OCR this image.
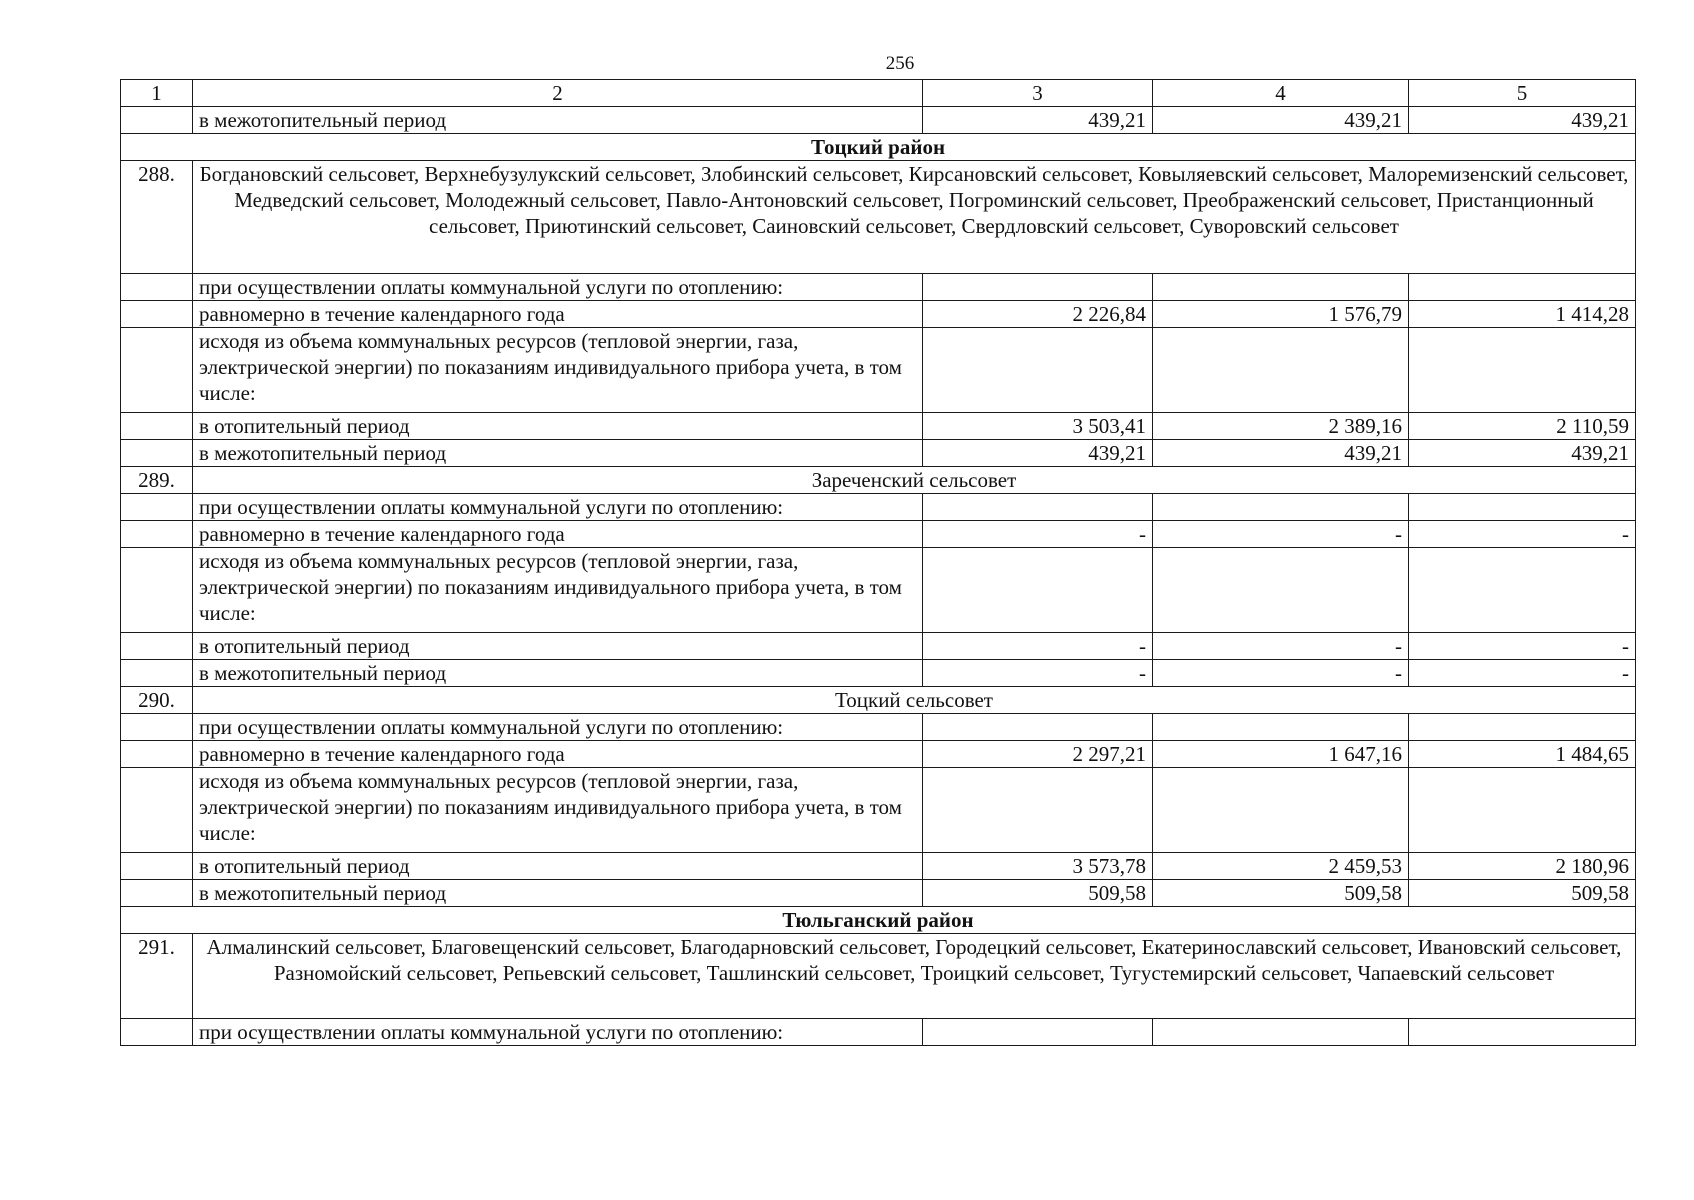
256
1	2	3	4	5
	в межотопительный период	439,21	439,21	439,21
Тоцкий район				
288.	Богдановский сельсовет, Верхнебузулукский сельсовет, Злобинский сельсовет, Кирсановский сельсовет, Ковыляевский сельсовет, Малоремизенский сельсовет, Медведский сельсовет, Молодежный сельсовет, Павло-Антоновский сельсовет, Погроминский сельсовет, Преображенский сельсовет, Пристанционный сельсовет, Приютинский сельсовет, Саиновский сельсовет, Свердловский сельсовет, Суворовский сельсовет			
	при осуществлении оплаты коммунальной услуги по отоплению:			
	равномерно в течение календарного года	2 226,84	1 576,79	1 414,28
	исходя из объема коммунальных ресурсов (тепловой энергии, газа, электрической энергии) по показаниям индивидуального прибора учета, в том числе:			
	в отопительный период	3 503,41	2 389,16	2 110,59
	в межотопительный период	439,21	439,21	439,21
289.	Зареченский сельсовет			
	при осуществлении оплаты коммунальной услуги по отоплению:			
	равномерно в течение календарного года	-	-	-
	исходя из объема коммунальных ресурсов (тепловой энергии, газа, электрической энергии) по показаниям индивидуального прибора учета, в том числе:			
	в отопительный период	-	-	-
	в межотопительный период	-	-	-
290.	Тоцкий сельсовет			
	при осуществлении оплаты коммунальной услуги по отоплению:			
	равномерно в течение календарного года	2 297,21	1 647,16	1 484,65
	исходя из объема коммунальных ресурсов (тепловой энергии, газа, электрической энергии) по показаниям индивидуального прибора учета, в том числе:			
	в отопительный период	3 573,78	2 459,53	2 180,96
	в межотопительный период	509,58	509,58	509,58
Тюльганский район				
291.	Алмалинский сельсовет, Благовещенский сельсовет, Благодарновский сельсовет, Городецкий сельсовет, Екатеринославский сельсовет, Ивановский сельсовет, Разномойский сельсовет, Репьевский сельсовет, Ташлинский сельсовет, Троицкий сельсовет, Тугустемирский сельсовет, Чапаевский сельсовет			
	при осуществлении оплаты коммунальной услуги по отоплению:			
